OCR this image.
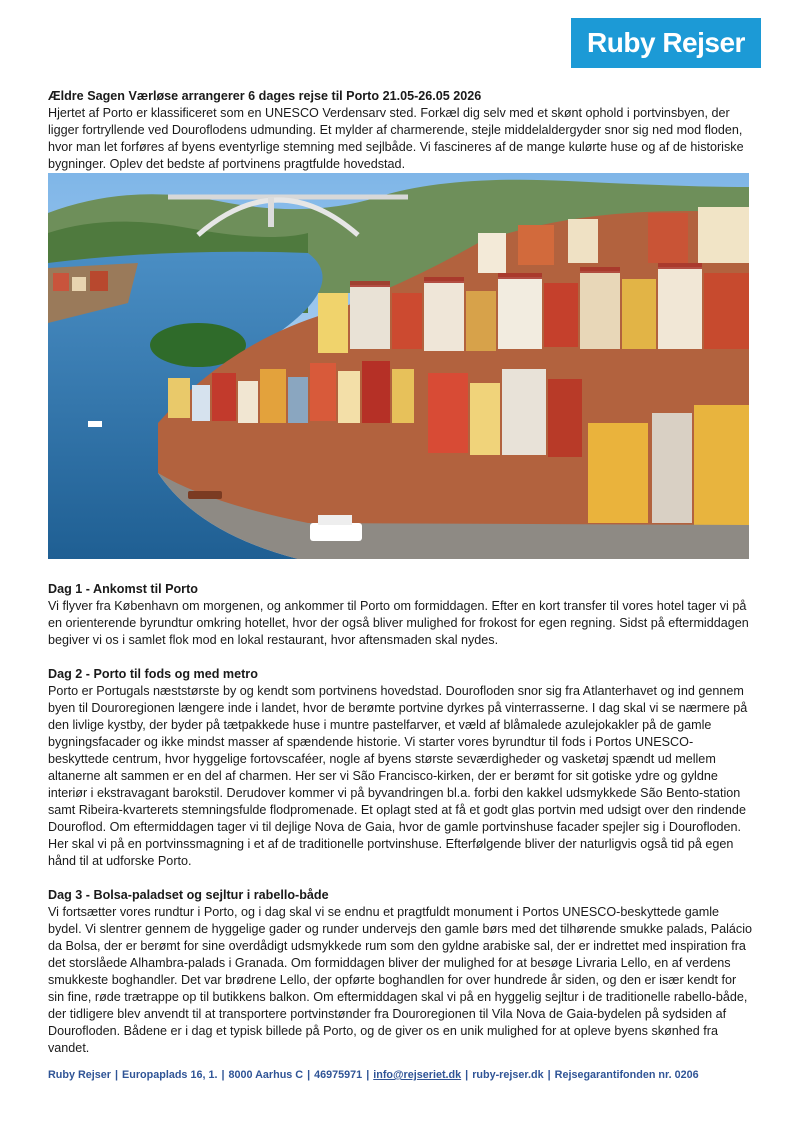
Ruby Rejser

Ældre Sagen Værløse arrangerer 6 dages rejse til Porto 21.05-26.05 2026

Hjertet af Porto er klassificeret som en UNESCO Verdensarv sted. Forkæl dig selv med et skønt ophold i portvinsbyen, der ligger fortryllende ved Douroflodens udmunding. Et mylder af charmerende, stejle middelaldergyder snor sig ned mod floden, hvor man let forføres af byens eventyrlige stemning med sejlbåde. Vi fascineres af de mange kulørte huse og af de historiske bygninger. Oplev det bedste af portvinens pragtfulde hovedstad.

Dag 1 - Ankomst til Porto

Vi flyver fra København om morgenen, og ankommer til Porto om formiddagen. Efter en kort transfer til vores hotel tager vi på en orienterende byrundtur omkring hotellet, hvor der også bliver mulighed for frokost for egen regning. Sidst på eftermiddagen begiver vi os i samlet flok mod en lokal restaurant, hvor aftensmaden skal nydes.

Dag 2 - Porto til fods og med metro

Porto er Portugals næststørste by og kendt som portvinens hovedstad. Dourofloden snor sig fra Atlanterhavet og ind gennem byen til Douroregionen længere inde i landet, hvor de berømte portvine dyrkes på vinterrasserne. I dag skal vi se nærmere på den livlige kystby, der byder på tætpakkede huse i muntre pastelfarver, et væld af blåmalede azulejokakler på de gamle bygningsfacader og ikke mindst masser af spændende historie. Vi starter vores byrundtur til fods i Portos UNESCO-beskyttede centrum, hvor hyggelige fortovscaféer, nogle af byens største seværdigheder og vasketøj spændt ud mellem altanerne alt sammen er en del af charmen. Her ser vi São Francisco-kirken, der er berømt for sit gotiske ydre og gyldne interiør i ekstravagant barokstil. Derudover kommer vi på byvandringen bl.a. forbi den kakkel udsmykkede São Bento-station samt Ribeira-kvarterets stemningsfulde flodpromenade. Et oplagt sted at få et godt glas portvin med udsigt over den rindende Douroflod. Om eftermiddagen tager vi til dejlige Nova de Gaia, hvor de gamle portvinshuse facader spejler sig i Dourofloden. Her skal vi på en portvinssmagning i et af de traditionelle portvinshuse. Efterfølgende bliver der naturligvis også tid på egen hånd til at udforske Porto.

Dag 3 - Bolsa-paladset og sejltur i rabello-både

Vi fortsætter vores rundtur i Porto, og i dag skal vi se endnu et pragtfuldt monument i Portos UNESCO-beskyttede gamle bydel. Vi slentrer gennem de hyggelige gader og runder undervejs den gamle børs med det tilhørende smukke palads, Palácio da Bolsa, der er berømt for sine overdådigt udsmykkede rum som den gyldne arabiske sal, der er indrettet med inspiration fra det storslåede Alhambra-palads i Granada. Om formiddagen bliver der mulighed for at besøge Livraria Lello, en af verdens smukkeste boghandler. Det var brødrene Lello, der opførte boghandlen for over hundrede år siden, og den er især kendt for sin fine, røde trætrappe op til butikkens balkon. Om eftermiddagen skal vi på en hyggelig sejltur i de traditionelle rabello-både, der tidligere blev anvendt til at transportere portvinstønder fra Douroregionen til Vila Nova de Gaia-bydelen på sydsiden af Dourofloden. Bådene er i dag et typisk billede på Porto, og de giver os en unik mulighed for at opleve byens skønhed fra vandet.

Ruby Rejser | Europaplads 16, 1. | 8000 Aarhus C | 46975971 | info@rejseriet.dk | ruby-rejser.dk | Rejsegarantifonden nr. 0206
